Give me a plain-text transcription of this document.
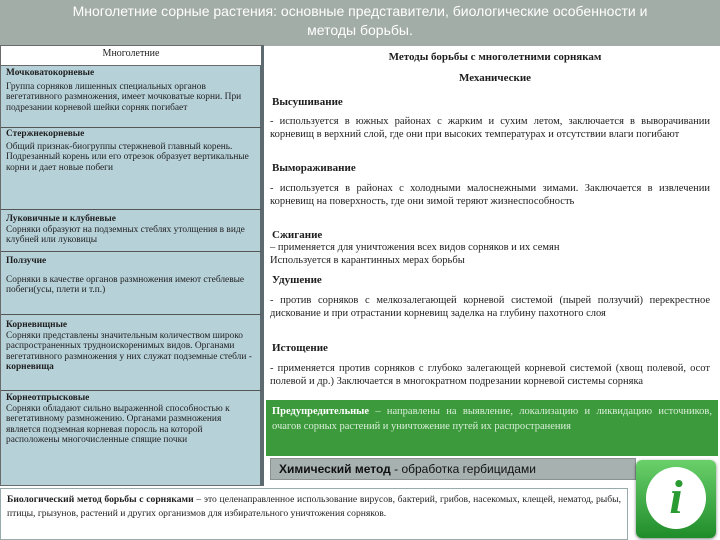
Многолетние сорные растения: основные представители, биологические особенности и
методы борьбы.
Многолетние
Мочковатокорневые

Группа сорняков лишенных специальных органов вегетативного размножения, имеет мочковатые корни. При подрезании корневой шейки сорняк погибает

Стержнекорневые

Общий признак-биогруппы стержневой главный корень. Подрезанный корень или его отрезок образует вертикальные корни и дает новые побеги

Луковичные и клубневые

Сорняки образуют на подземных стеблях утолщения в виде клубней или луковицы

Ползучие

Сорняки в качестве органов размножения имеют стеблевые побеги(усы, плети и т.п.)

Корневищные

Сорняки представлены значительным количеством широко распространенных трудноискоренимых видов. Органами вегетативного размножения у них служат подземные стебли - корневища

Корнеотпрысковые

Сорняки обладают сильно выраженной способностью к вегетативному размножению. Органами размножения является подземная корневая поросль на которой расположены многочисленные спящие почки

Методы борьбы с многолетними сорнякам
Механические
Высушивание
- используется в южных районах с жарким и сухим летом, заключается в выворачивании корневищ в верхний слой, где они при высоких температурах и отсутствии влаги погибают
Вымораживание
- используется в районах с холодными малоснежными зимами. Заключается в извлечении корневищ на поверхность, где они зимой теряют жизнеспособность
Сжигание
– применяется для уничтожения всех видов сорняков и их семян
Используется в карантинных мерах борьбы
Удушение
- против сорняков с мелкозалегающей корневой системой (пырей ползучий) перекрестное дискование и при отрастании корневищ заделка на глубину пахотного слоя
Истощение
- применяется против сорняков с глубоко залегающей корневой системой (хвощ полевой, осот полевой и др.) Заключается в многократном подрезании корневой системы сорняка
Предупредительные – направлены на выявление, локализацию и ликвидацию источников, очагов сорных растений и уничтожение путей их распространения
Химический метод - обработка гербицидами
Биологический метод борьбы с сорняками – это целенаправленное использование вирусов, бактерий, грибов, насекомых, клещей, нематод, рыбы, птицы, грызунов, растений и других организмов для избирательного уничтожения сорняков.	i
